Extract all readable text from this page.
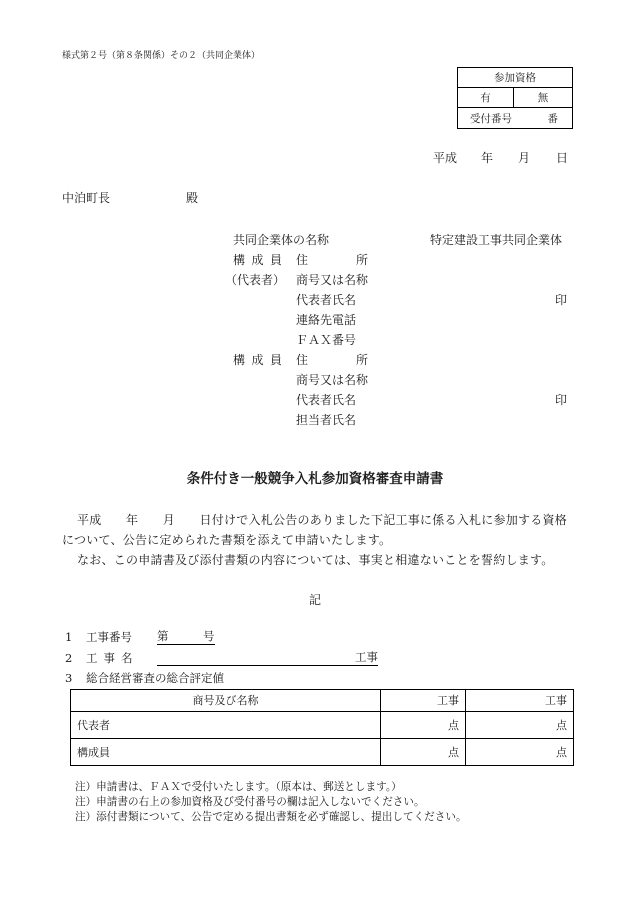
様式第２号（第８条関係）その２（共同企業体）
参加資格
有	無
受付番号	番
平成 年 月 日
中泊町長	殿
共同企業体の名称	特定建設工事共同企業体
構成員 住　　　　所
（代表者） 商号又は名称
代表者氏名	印
連絡先電話
ＦＡＸ番号
構成員 住　　　　所
商号又は名称
代表者氏名	印
担当者氏名
条件付き一般競争入札参加資格審査申請書
平成　　年　　月　　日付けで入札公告のありました下記工事に係る入札に参加する資格
について、公告に定められた書類を添えて申請いたします。
なお、この申請書及び添付書類の内容については、事実と相違ないことを誓約します。
記
1 工事番号 第　　　号
2 工事名	工事
3 総合経営審査の総合評定値
商号及び名称	工事	工事
代表者	点	点
構成員	点	点
注）申請書は、ＦＡＸで受付いたします。（原本は、郵送とします。）
注）申請書の右上の参加資格及び受付番号の欄は記入しないでください。
注）添付書類について、公告で定める提出書類を必ず確認し、提出してください。
